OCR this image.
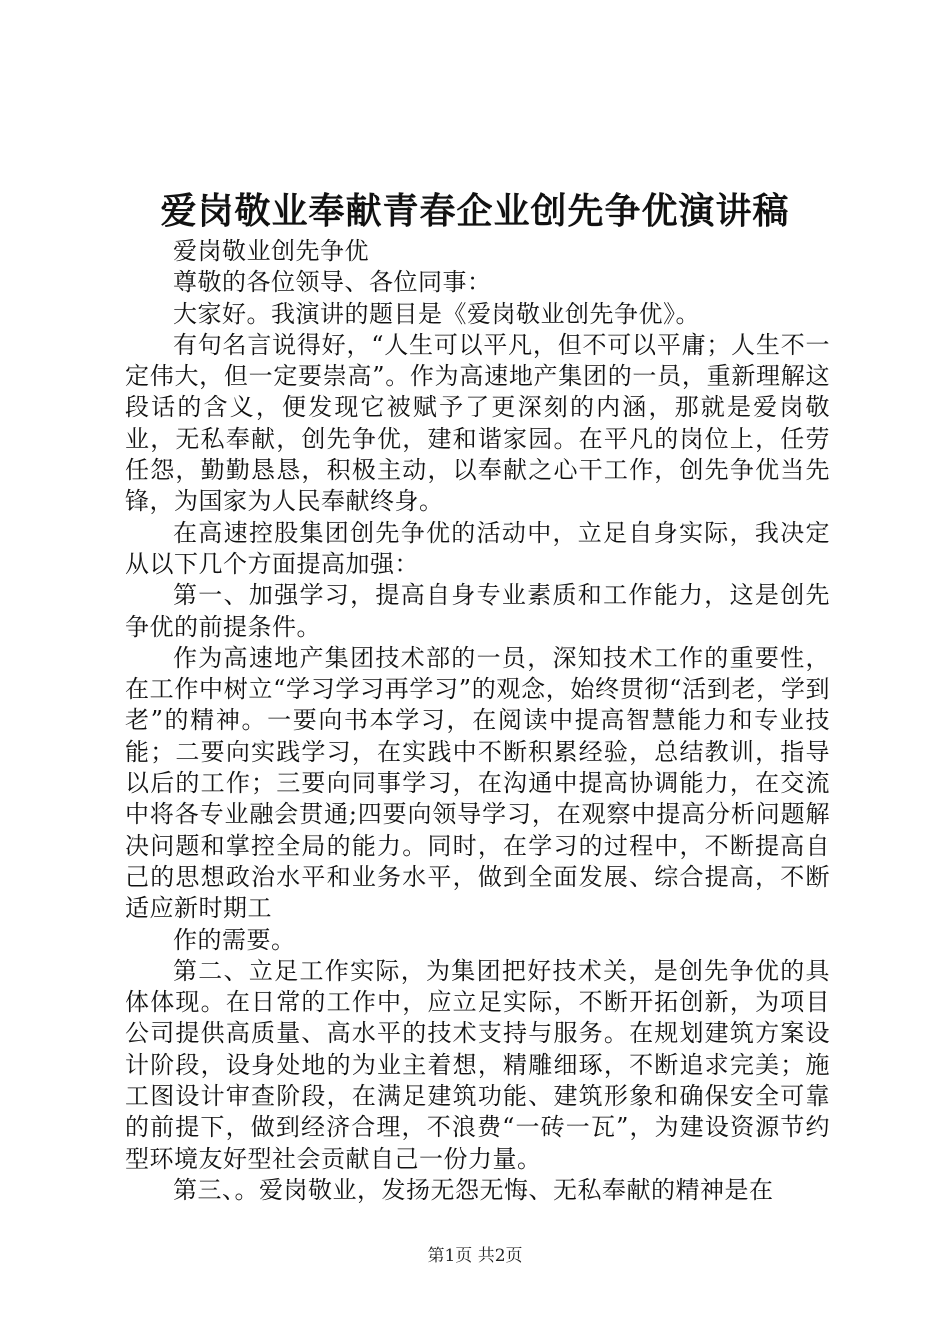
爱岗敬业奉献青春企业创先争优演讲稿

爱岗敬业创先争优

尊敬的各位领导、各位同事：

大家好。我演讲的题目是《爱岗敬业创先争优》。

有句名言说得好，“人生可以平凡，但不可以平庸；人生不一定伟大，但一定要崇高”。作为高速地产集团的一员，重新理解这段话的含义，便发现它被赋予了更深刻的内涵，那就是爱岗敬业，无私奉献，创先争优，建和谐家园。在平凡的岗位上，任劳任怨，勤勤恳恳，积极主动，以奉献之心干工作，创先争优当先锋，为国家为人民奉献终身。

在高速控股集团创先争优的活动中，立足自身实际，我决定从以下几个方面提高加强：

第一、加强学习，提高自身专业素质和工作能力，这是创先争优的前提条件。

作为高速地产集团技术部的一员，深知技术工作的重要性，在工作中树立“学习学习再学习”的观念，始终贯彻“活到老，学到老”的精神。一要向书本学习，在阅读中提高智慧能力和专业技能；二要向实践学习，在实践中不断积累经验，总结教训，指导以后的工作；三要向同事学习，在沟通中提高协调能力，在交流中将各专业融会贯通;四要向领导学习，在观察中提高分析问题解决问题和掌控全局的能力。同时，在学习的过程中，不断提高自己的思想政治水平和业务水平，做到全面发展、综合提高，不断适应新时期工

作的需要。

第二、立足工作实际，为集团把好技术关，是创先争优的具体体现。在日常的工作中，应立足实际，不断开拓创新，为项目公司提供高质量、高水平的技术支持与服务。在规划建筑方案设计阶段，设身处地的为业主着想，精雕细琢，不断追求完美；施工图设计审查阶段，在满足建筑功能、建筑形象和确保安全可靠的前提下，做到经济合理，不浪费“一砖一瓦”，为建设资源节约型环境友好型社会贡献自己一份力量。

第三、。爱岗敬业，发扬无怨无悔、无私奉献的精神是在

第1页 共2页
